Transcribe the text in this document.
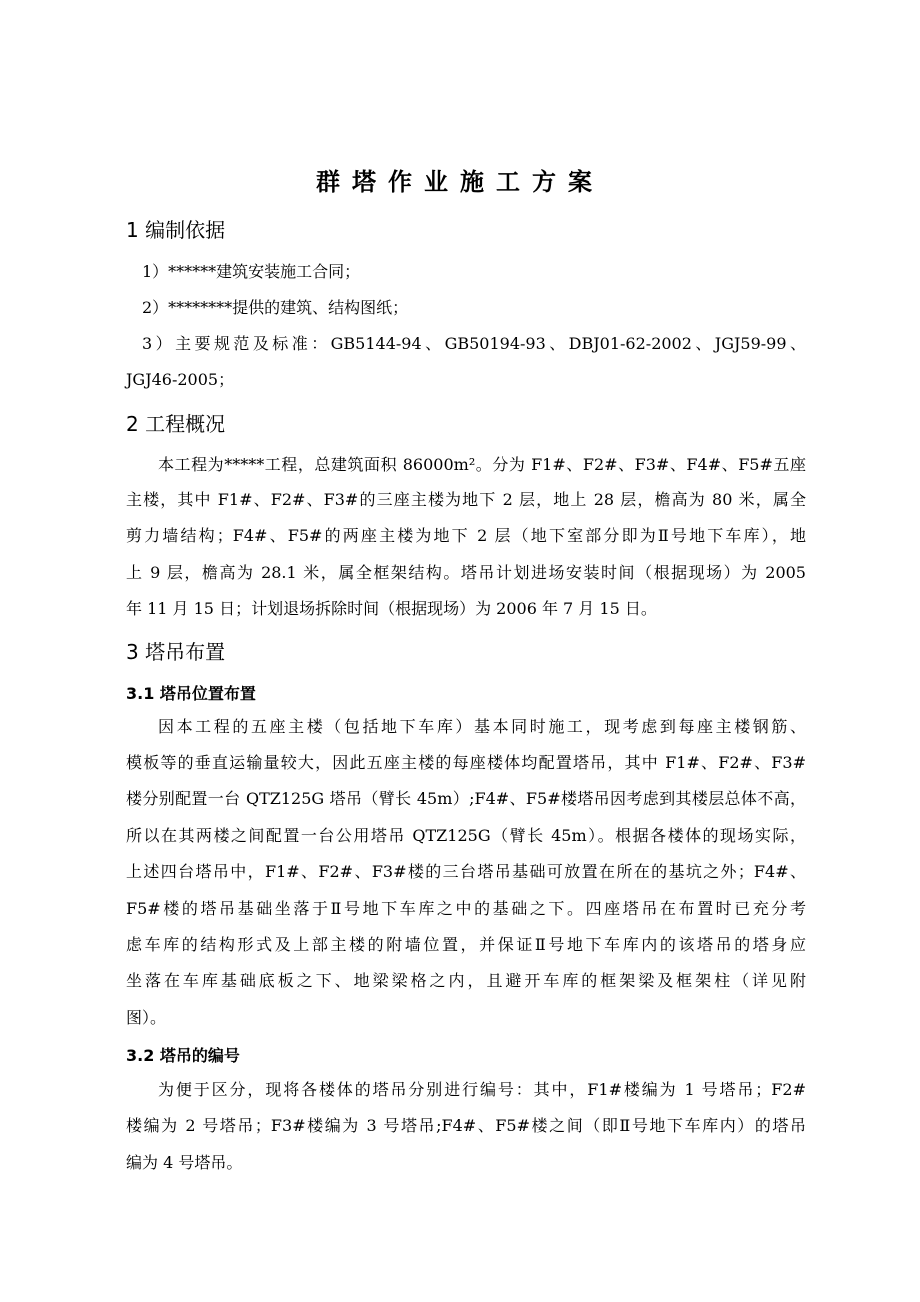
群塔作业施工方案
1 编制依据
1）******建筑安装施工合同；
2）********提供的建筑、结构图纸；
3）主要规范及标准：GB5144-94、GB50194-93、DBJ01-62-2002、JGJ59-99、
JGJ46-2005；
2 工程概况
本工程为*****工程，总建筑面积 86000m²。分为 F1#、F2#、F3#、F4#、F5#五座
主楼，其中 F1#、F2#、F3#的三座主楼为地下 2 层，地上 28 层，檐高为 80 米，属全
剪力墙结构；F4#、F5#的两座主楼为地下 2 层（地下室部分即为Ⅱ号地下车库），地
上 9 层，檐高为 28.1 米，属全框架结构。塔吊计划进场安装时间（根据现场）为 2005
年 11 月 15 日；计划退场拆除时间（根据现场）为 2006 年 7 月 15 日。
3 塔吊布置
3.1 塔吊位置布置
因本工程的五座主楼（包括地下车库）基本同时施工，现考虑到每座主楼钢筋、
模板等的垂直运输量较大，因此五座主楼的每座楼体均配置塔吊，其中 F1#、F2#、F3#
楼分别配置一台 QTZ125G 塔吊（臂长 45m）;F4#、F5#楼塔吊因考虑到其楼层总体不高，
所以在其两楼之间配置一台公用塔吊 QTZ125G（臂长 45m）。根据各楼体的现场实际，
上述四台塔吊中，F1#、F2#、F3#楼的三台塔吊基础可放置在所在的基坑之外；F4#、
F5#楼的塔吊基础坐落于Ⅱ号地下车库之中的基础之下。四座塔吊在布置时已充分考
虑车库的结构形式及上部主楼的附墙位置，并保证Ⅱ号地下车库内的该塔吊的塔身应
坐落在车库基础底板之下、地梁梁格之内，且避开车库的框架梁及框架柱（详见附
图）。
3.2 塔吊的编号
为便于区分，现将各楼体的塔吊分别进行编号：其中，F1#楼编为 1 号塔吊；F2#
楼编为 2 号塔吊；F3#楼编为 3 号塔吊;F4#、F5#楼之间（即Ⅱ号地下车库内）的塔吊
编为 4 号塔吊。
